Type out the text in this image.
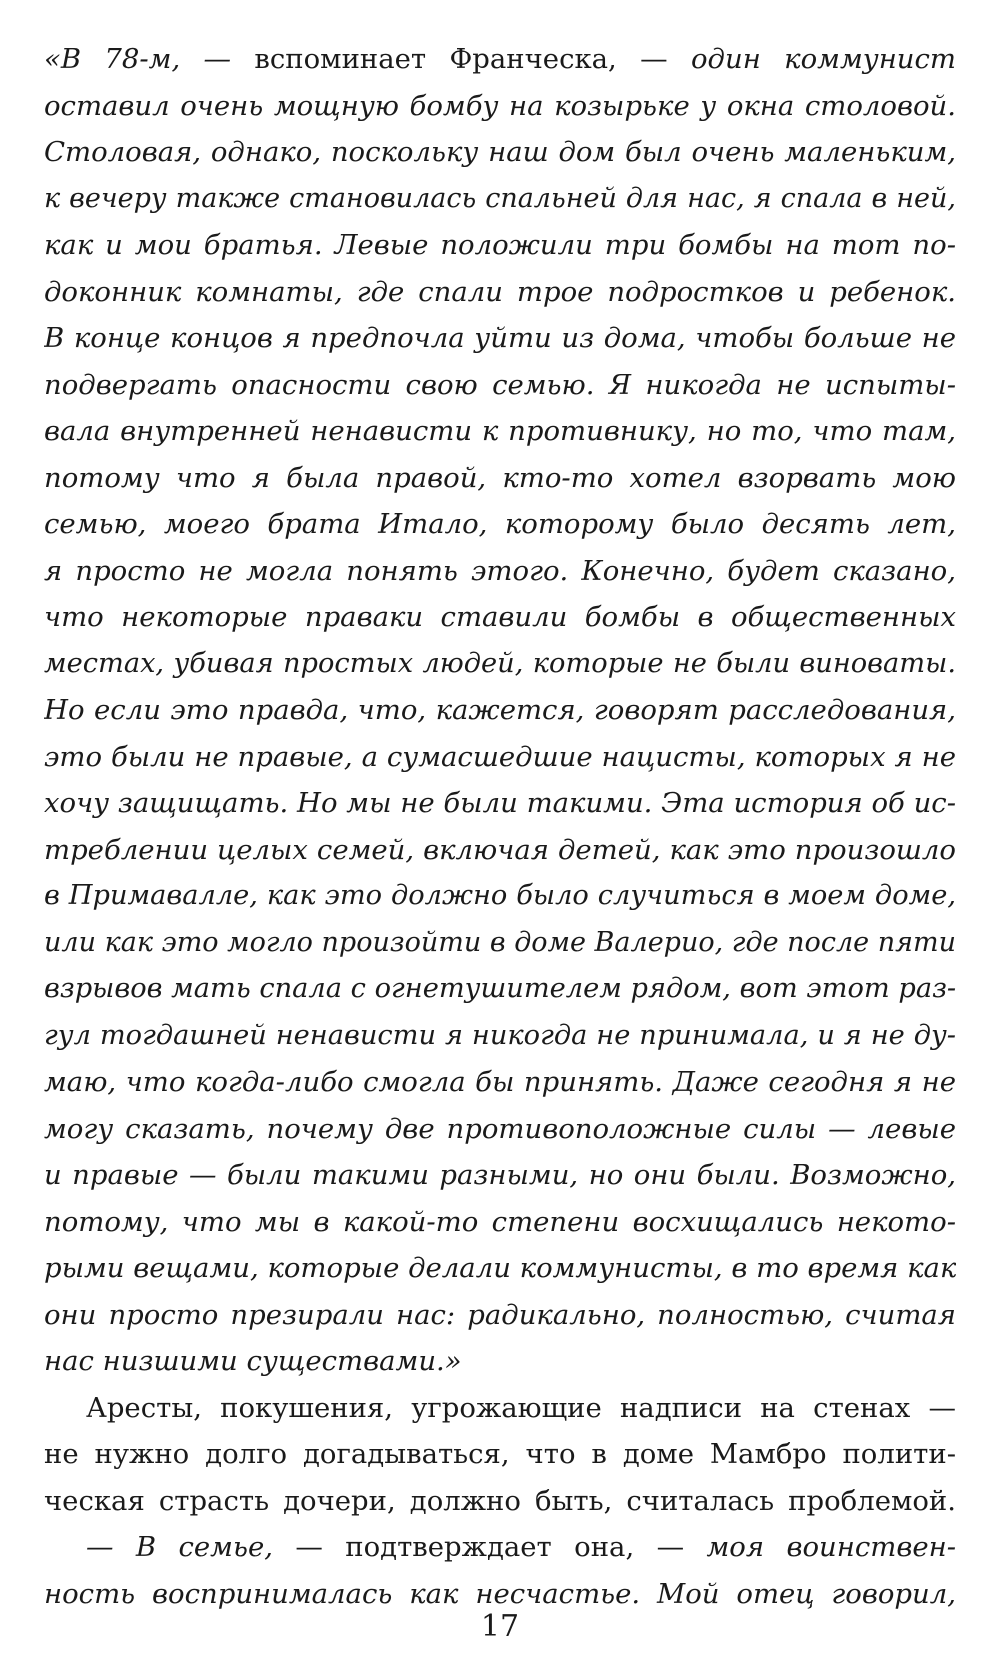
«В 78-м, — вспоминает Франческа, — один коммунист
оставил очень мощную бомбу на козырьке у окна столовой.
Столовая, однако, поскольку наш дом был очень маленьким,
к вечеру также становилась спальней для нас, я спала в ней,
как и мои братья. Левые положили три бомбы на тот по-
доконник комнаты, где спали трое подростков и ребенок.
В конце концов я предпочла уйти из дома, чтобы больше не
подвергать опасности свою семью. Я никогда не испыты-
вала внутренней ненависти к противнику, но то, что там,
потому что я была правой, кто-то хотел взорвать мою
семью, моего брата Итало, которому было десять лет,
я просто не могла понять этого. Конечно, будет сказано,
что некоторые праваки ставили бомбы в общественных
местах, убивая простых людей, которые не были виноваты.
Но если это правда, что, кажется, говорят расследования,
это были не правые, а сумасшедшие нацисты, которых я не
хочу защищать. Но мы не были такими. Эта история об ис-
треблении целых семей, включая детей, как это произошло
в Примавалле, как это должно было случиться в моем доме,
или как это могло произойти в доме Валерио, где после пяти
взрывов мать спала с огнетушителем рядом, вот этот раз-
гул тогдашней ненависти я никогда не принимала, и я не ду-
маю, что когда-либо смогла бы принять. Даже сегодня я не
могу сказать, почему две противоположные силы — левые
и правые — были такими разными, но они были. Возможно,
потому, что мы в какой-то степени восхищались некото-
рыми вещами, которые делали коммунисты, в то время как
они просто презирали нас: радикально, полностью, считая
нас низшими существами.»
Аресты, покушения, угрожающие надписи на стенах —
не нужно долго догадываться, что в доме Мамбро полити-
ческая страсть дочери, должно быть, считалась проблемой.
— В семье, — подтверждает она, — моя воинствен-
ность воспринималась как несчастье. Мой отец говорил,
17
